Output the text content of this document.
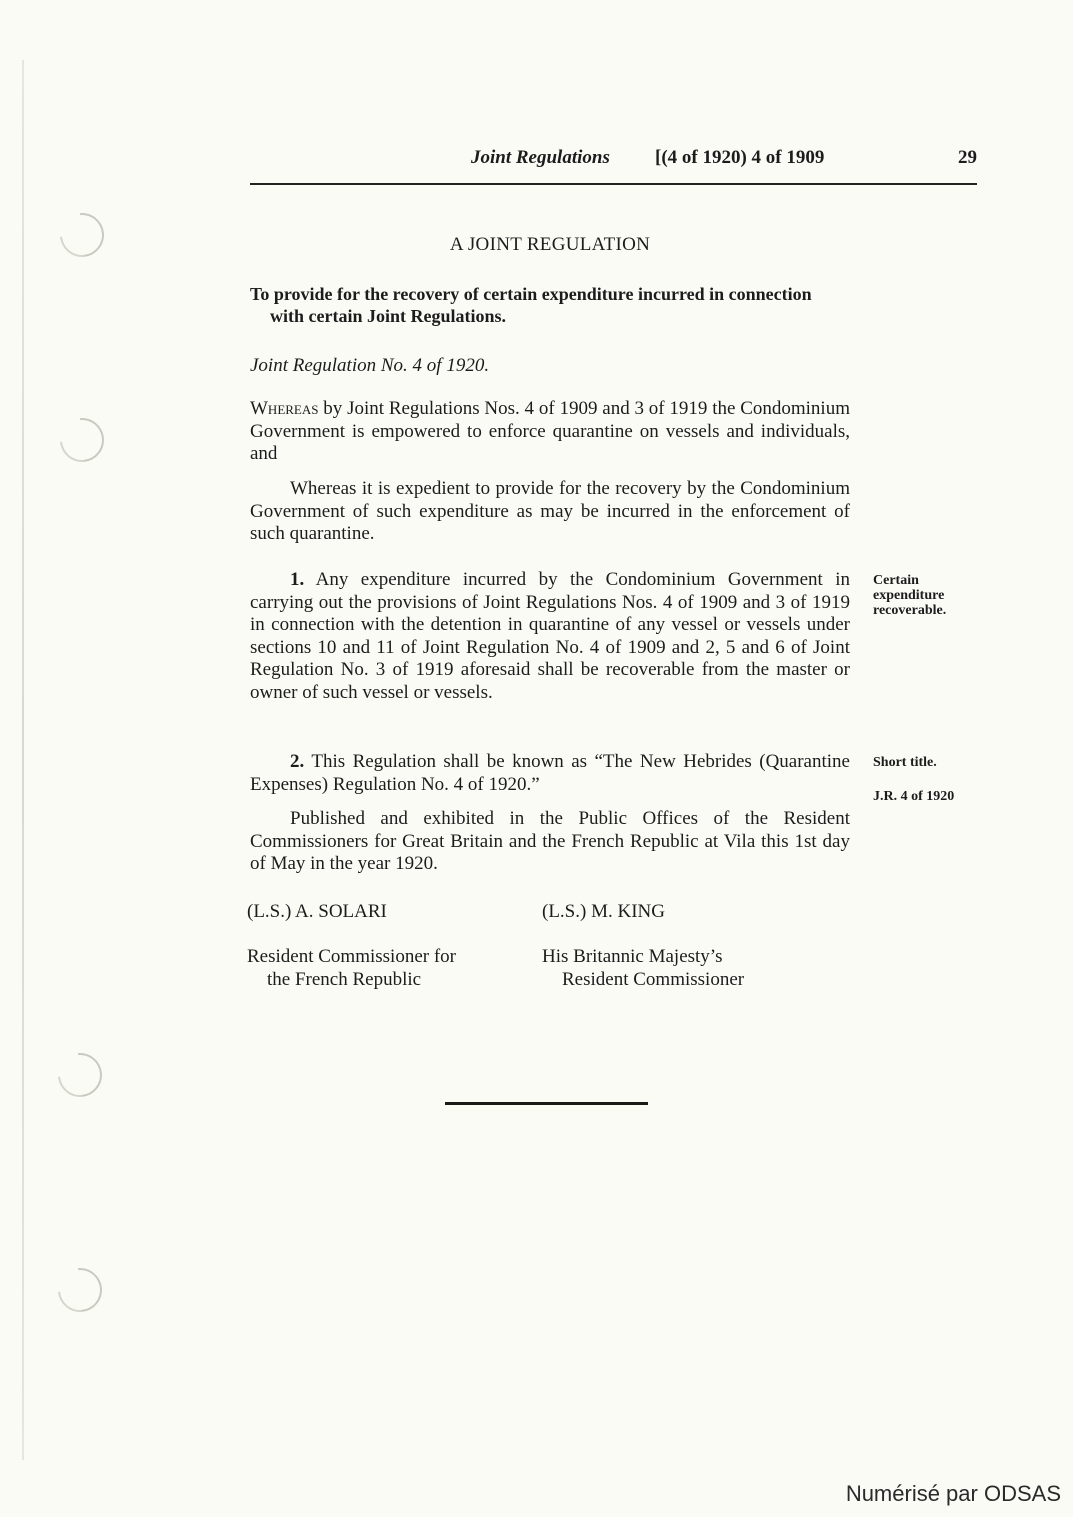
Joint Regulations [(4 of 1920) 4 of 1909	29
A JOINT REGULATION
To provide for the recovery of certain expenditure incurred in connection with certain Joint Regulations.
Joint Regulation No. 4 of 1920.
Whereas by Joint Regulations Nos. 4 of 1909 and 3 of 1919 the Condominium Government is empowered to enforce quarantine on vessels and individuals, and
Whereas it is expedient to provide for the recovery by the Condominium Government of such expenditure as may be incurred in the enforcement of such quarantine.
1. Any expenditure incurred by the Condominium Government in carrying out the provisions of Joint Regulations Nos. 4 of 1909 and 3 of 1919 in connection with the detention in quarantine of any vessel or vessels under sections 10 and 11 of Joint Regulation No. 4 of 1909 and 2, 5 and 6 of Joint Regulation No. 3 of 1919 aforesaid shall be recoverable from the master or owner of such vessel or vessels.
Certain expenditure recoverable.
2. This Regulation shall be known as “The New Hebrides (Quarantine Expenses) Regulation No. 4 of 1920.”
Short title.
J.R. 4 of 1920
Published and exhibited in the Public Offices of the Resident Commissioners for Great Britain and the French Republic at Vila this 1st day of May in the year 1920.
(L.S.) A. SOLARI	(L.S.) M. KING
Resident Commissioner for
the French Republic
His Britannic Majesty’s
Resident Commissioner
Numérisé par ODSAS
